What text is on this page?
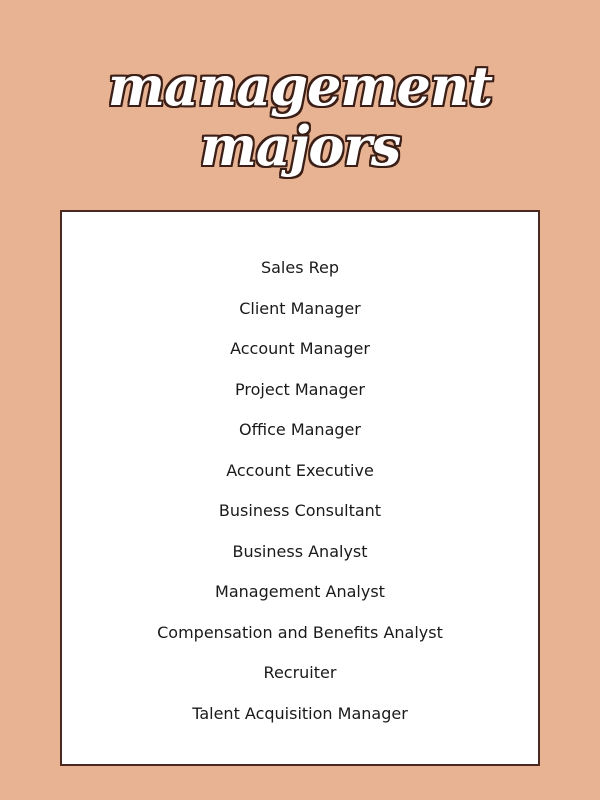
management
majors
Sales Rep
Client Manager
Account Manager
Project Manager
Office Manager
Account Executive
Business Consultant
Business Analyst
Management Analyst
Compensation and Benefits Analyst
Recruiter
Talent Acquisition Manager
